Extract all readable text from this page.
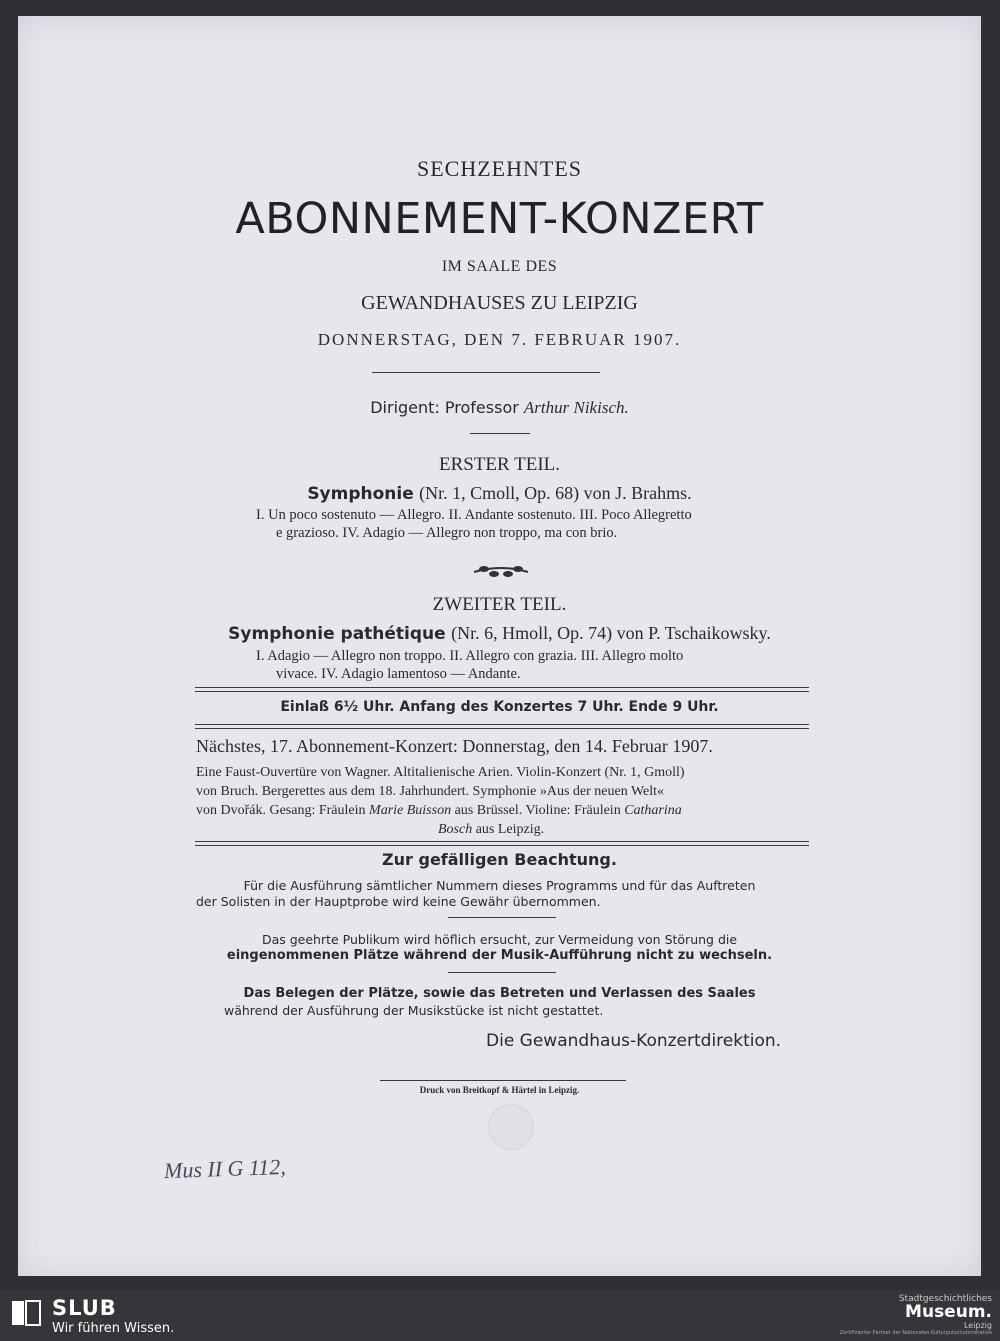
SECHZEHNTES
ABONNEMENT-KONZERT
IM SAALE DES
GEWANDHAUSES ZU LEIPZIG
DONNERSTAG, DEN 7. FEBRUAR 1907.
Dirigent: Professor Arthur Nikisch.
ERSTER TEIL.
Symphonie (Nr. 1, Cmoll, Op. 68) von J. Brahms.
I. Un poco sostenuto — Allegro. II. Andante sostenuto. III. Poco Allegretto
e grazioso. IV. Adagio — Allegro non troppo, ma con brio.
ZWEITER TEIL.
Symphonie pathétique (Nr. 6, Hmoll, Op. 74) von P. Tschaikowsky.
I. Adagio — Allegro non troppo. II. Allegro con grazia. III. Allegro molto
vivace. IV. Adagio lamentoso — Andante.
Einlaß 6½ Uhr. Anfang des Konzertes 7 Uhr. Ende 9 Uhr.
Nächstes, 17. Abonnement-Konzert: Donnerstag, den 14. Februar 1907.
Eine Faust-Ouvertüre von Wagner. Altitalienische Arien. Violin-Konzert (Nr. 1, Gmoll)
von Bruch. Bergerettes aus dem 18. Jahrhundert. Symphonie »Aus der neuen Welt«
von Dvořák. Gesang: Fräulein Marie Buisson aus Brüssel. Violine: Fräulein Catharina
Bosch aus Leipzig.
Zur gefälligen Beachtung.
Für die Ausführung sämtlicher Nummern dieses Programms und für das Auftreten
der Solisten in der Hauptprobe wird keine Gewähr übernommen.
Das geehrte Publikum wird höflich ersucht, zur Vermeidung von Störung die
eingenommenen Plätze während der Musik-Aufführung nicht zu wechseln.
Das Belegen der Plätze, sowie das Betreten und Verlassen des Saales
während der Ausführung der Musikstücke ist nicht gestattet.
Die Gewandhaus-Konzertdirektion.
Druck von Breitkopf & Härtel in Leipzig.
Mus II G 112,
SLUB
Wir führen Wissen.
Stadtgeschichtliches
Museum.
Leipzig
Zertifizierter Partner der Nationalen Kulturgutschutzinitiative
